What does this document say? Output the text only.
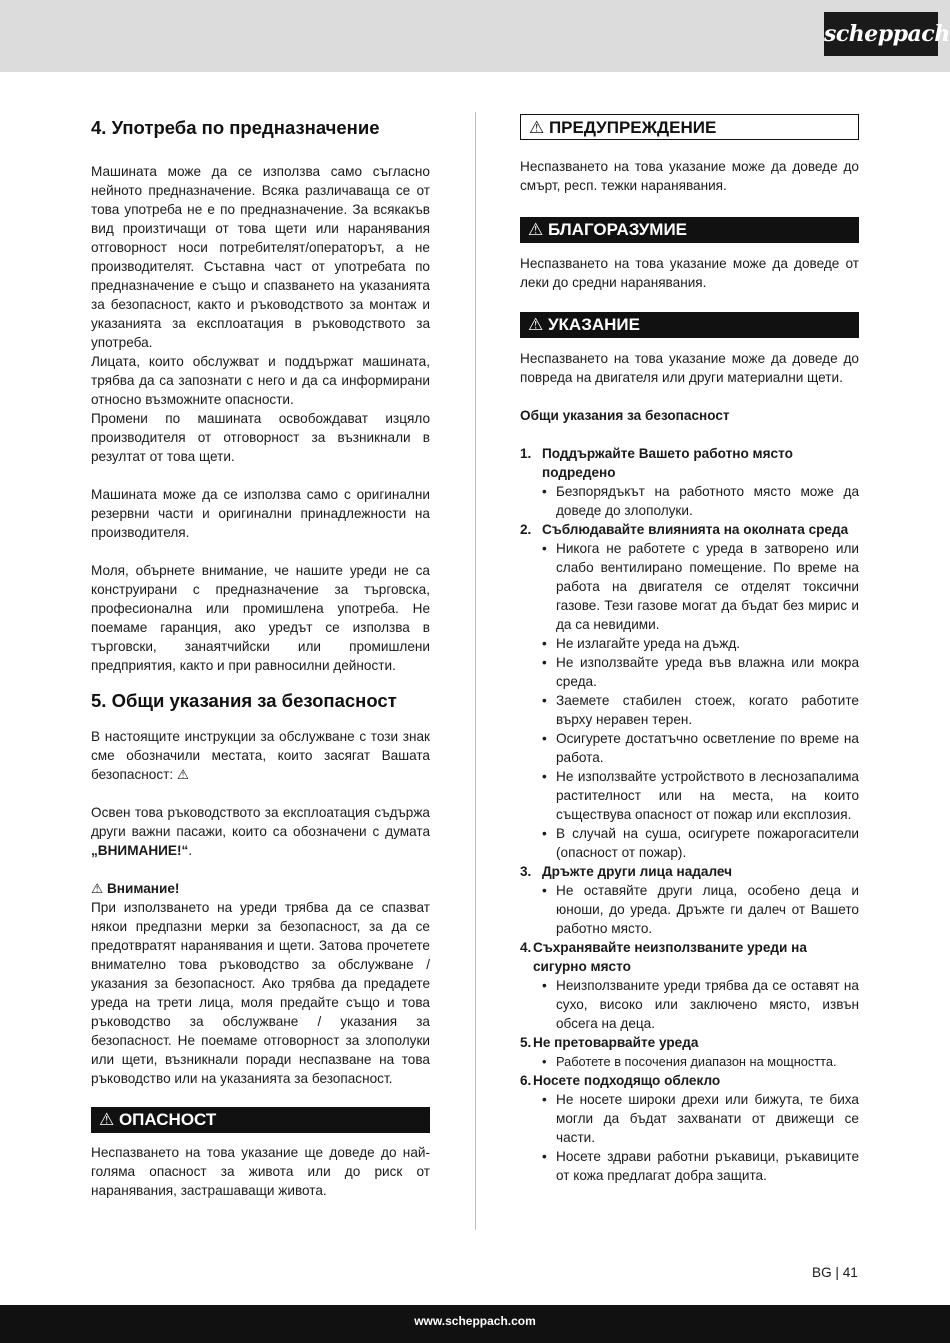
scheppach
4. Употреба по предназначение

Машината може да се използва само съгласно нейното предназначение. Всяка различаваща се от това употреба не е по предназначение. За всякакъв вид произтичащи от това щети или наранявания отговорност носи потребителят/операторът, а не производителят. Съставна част от употребата по предназначение е също и спазването на указанията за безопасност, както и ръководството за монтаж и указанията за експлоатация в ръководството за употреба.

Лицата, които обслужват и поддържат машината, трябва да са запознати с него и да са информирани относно възможните опасности.

Промени по машината освобождават изцяло производителя от отговорност за възникнали в резултат от това щети.

Машината може да се използва само с оригинални резервни части и оригинални принадлежности на производителя.

Моля, обърнете внимание, че нашите уреди не са конструирани с предназначение за търговска, професионална или промишлена употреба. Не поемаме гаранция, ако уредът се използва в търговски, занаятчийски или промишлени предприятия, както и при равносилни дейности.

5. Общи указания за безопасност

В настоящите инструкции за обслужване с този знак сме обозначили местата, които засягат Вашата безопасност: ⚠

Освен това ръководството за експлоатация съдържа други важни пасажи, които са обозначени с думата „ВНИМАНИЕ!“.

⚠ Внимание!

При използването на уреди трябва да се спазват някои предпазни мерки за безопасност, за да се предотвратят наранявания и щети. Затова прочетете внимателно това ръководство за обслужване / указания за безопасност. Ако трябва да предадете уреда на трети лица, моля предайте също и това ръководство за обслужване / указания за безопасност. Не поемаме отговорност за злополуки или щети, възникнали поради неспазване на това ръководство или на указанията за безопасност.

⚠ ОПАСНОСТ

Неспазването на това указание ще доведе до най-голяма опасност за живота или до риск от наранявания, застрашаващи живота.

⚠ ПРЕДУПРЕЖДЕНИЕ

Неспазването на това указание може да доведе до смърт, респ. тежки наранявания.

⚠ БЛАГОРАЗУМИЕ

Неспазването на това указание може да доведе от леки до средни наранявания.

⚠ УКАЗАНИЕ

Неспазването на това указание може да доведе до повреда на двигателя или други материални щети.

Общи указания за безопасност

1. Поддържайте Вашето работно място подредено
• Безпорядъкът на работното място може да доведе до злополуки.
2. Съблюдавайте влиянията на околната среда
• Никога не работете с уреда в затворено или слабо вентилирано помещение. По време на работа на двигателя се отделят токсични газове. Тези газове могат да бъдат без мирис и да са невидими.
• Не излагайте уреда на дъжд.
• Не използвайте уреда във влажна или мокра среда.
• Заемете стабилен стоеж, когато работите върху неравен терен.
• Осигурете достатъчно осветление по време на работа.
• Не използвайте устройството в леснозапалима растителност или на места, на които съществува опасност от пожар или експлозия.
• В случай на суша, осигурете пожарогасители (опасност от пожар).
3. Дръжте други лица надалеч
• Не оставяйте други лица, особено деца и юноши, до уреда. Дръжте ги далеч от Вашето работно място.
4. Съхранявайте неизползваните уреди на сигурно място
• Неизползваните уреди трябва да се оставят на сухо, високо или заключено място, извън обсега на деца.
5. Не претоварвайте уреда
• Работете в посочения диапазон на мощността.
6. Носете подходящо облекло
• Не носете широки дрехи или бижута, те биха могли да бъдат захванати от движещи се части.
• Носете здрави работни ръкавици, ръкавиците от кожа предлагат добра защита.
BG | 41
www.scheppach.com
